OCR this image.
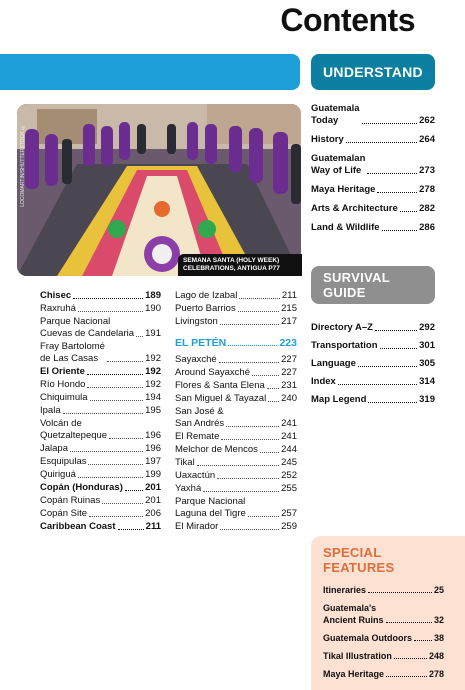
Contents
LOCOMARTIN/SHUTTERSTOCK ©
SEMANA SANTA (HOLY WEEK)
CELEBRATIONS, ANTIGUA P77
UNDERSTAND
SURVIVAL
GUIDE
SPECIAL
FEATURES
Guatemala
Today	262
History	264
Guatemalan
Way of Life	273
Maya Heritage	278
Arts & Architecture 282
Land & Wildlife	286
Directory A–Z	292
Transportation	301
Language	305
Index	314
Map Legend	319
Itineraries	25
Guatemala's
Ancient Ruins	32
Guatemala Outdoors 38
Tikal Illustration	248
Maya Heritage	278
Chisec	189
Raxruhá	190
Parque Nacional
Cuevas de Candelaria 191
Fray Bartolomé
de Las Casas	192
El Oriente	192
Río Hondo	192
Chiquimula	194
Ipala	195
Volcán de
Quetzaltepeque	196
Jalapa	196
Esquipulas	197
Quiriguá	199
Copán (Honduras) 201
Copán Ruinas	201
Copán Site	206
Caribbean Coast	211
Lago de Izabal	211
Puerto Barrios	215
Livingston	217
EL PETÉN	223
Sayaxché	227
Around Sayaxché	227
Flores & Santa Elena 231
San Miguel & Tayazal 240
San José &
San Andrés	241
El Remate	241
Melchor de Mencos 244
Tikal	245
Uaxactún	252
Yaxhá	255
Parque Nacional
Laguna del Tigre	257
El Mirador	259
